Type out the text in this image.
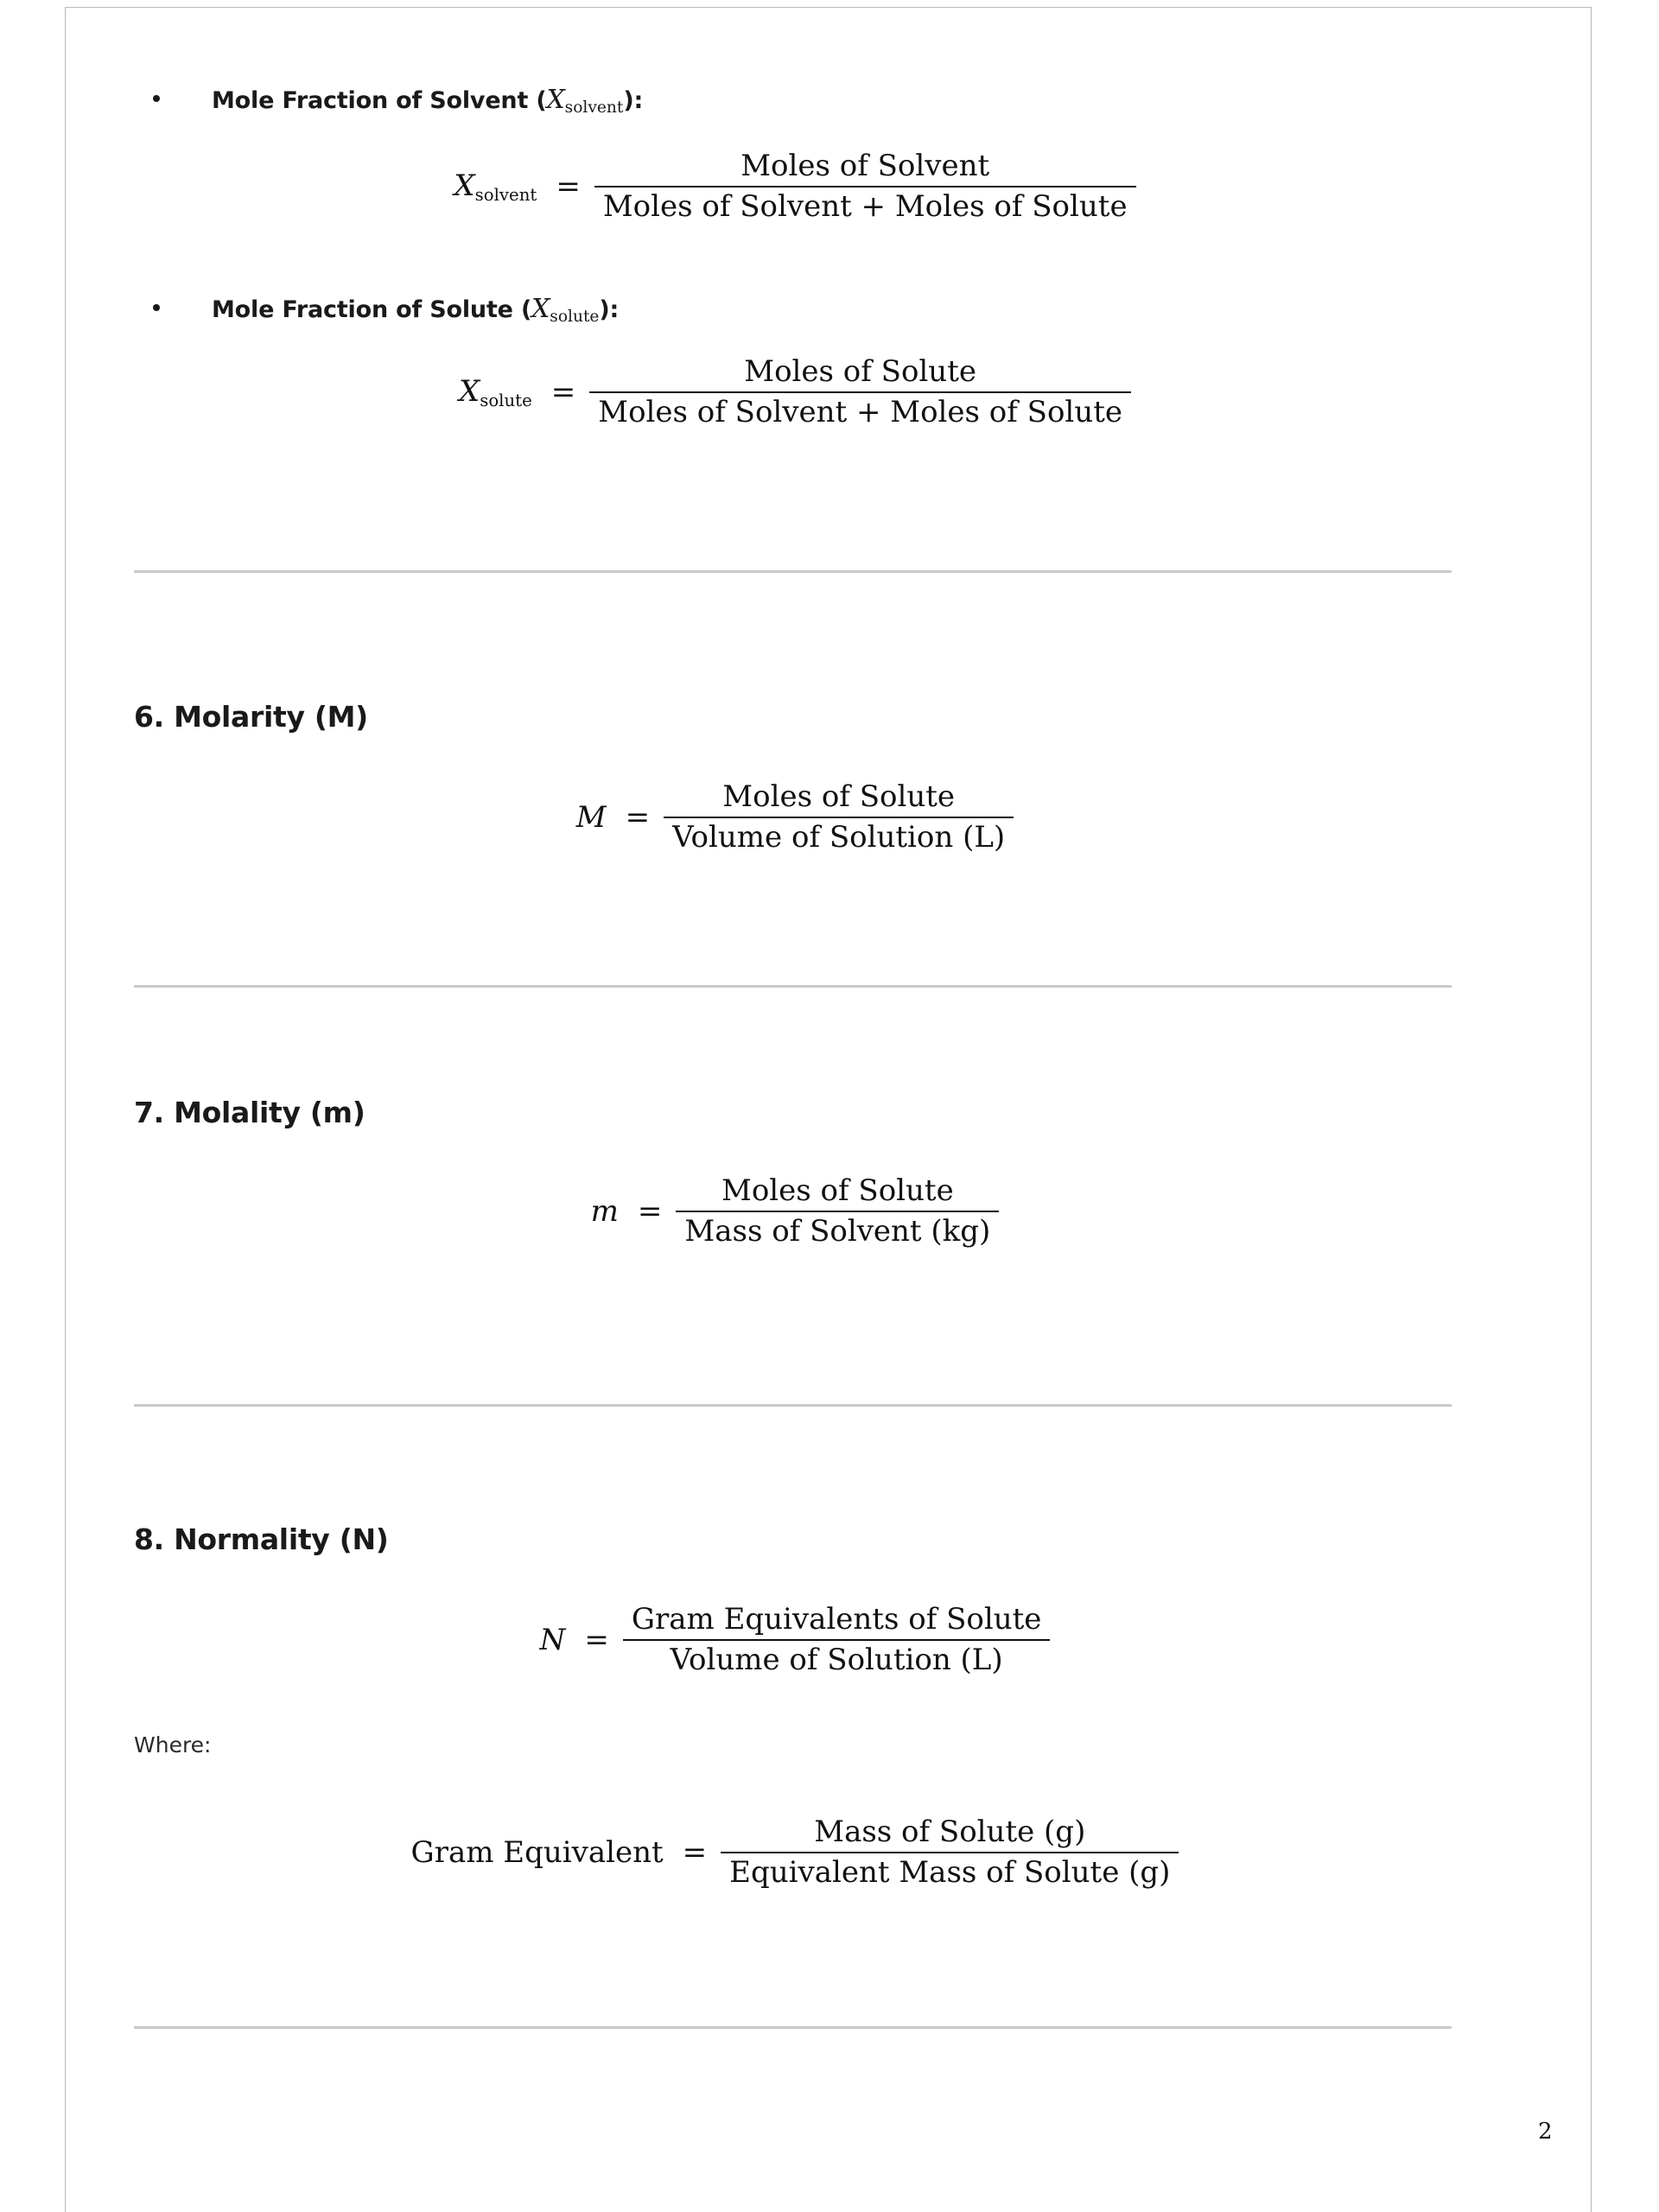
Mole Fraction of Solvent $(X_{solvent})$:
$X_{solvent} = \frac{\text{Moles of Solvent}}{\text{Moles of Solvent + Moles of Solute}}$
Mole Fraction of Solute $(X_{solute})$:
$X_{solute} = \frac{\text{Moles of Solute}}{\text{Moles of Solvent + Moles of Solute}}$
6. Molarity (M)
$M = \frac{\text{Moles of Solute}}{\text{Volume of Solution (L)}}$
7. Molality (m)
$m = \frac{\text{Moles of Solute}}{\text{Mass of Solvent (kg)}}$
8. Normality (N)
$N = \frac{\text{Gram Equivalents of Solute}}{\text{Volume of Solution (L)}}$

Where:

Gram Equivalent = $\frac{\text{Mass of Solute (g)}}{\text{Equivalent Mass of Solute (g)}}$
2
